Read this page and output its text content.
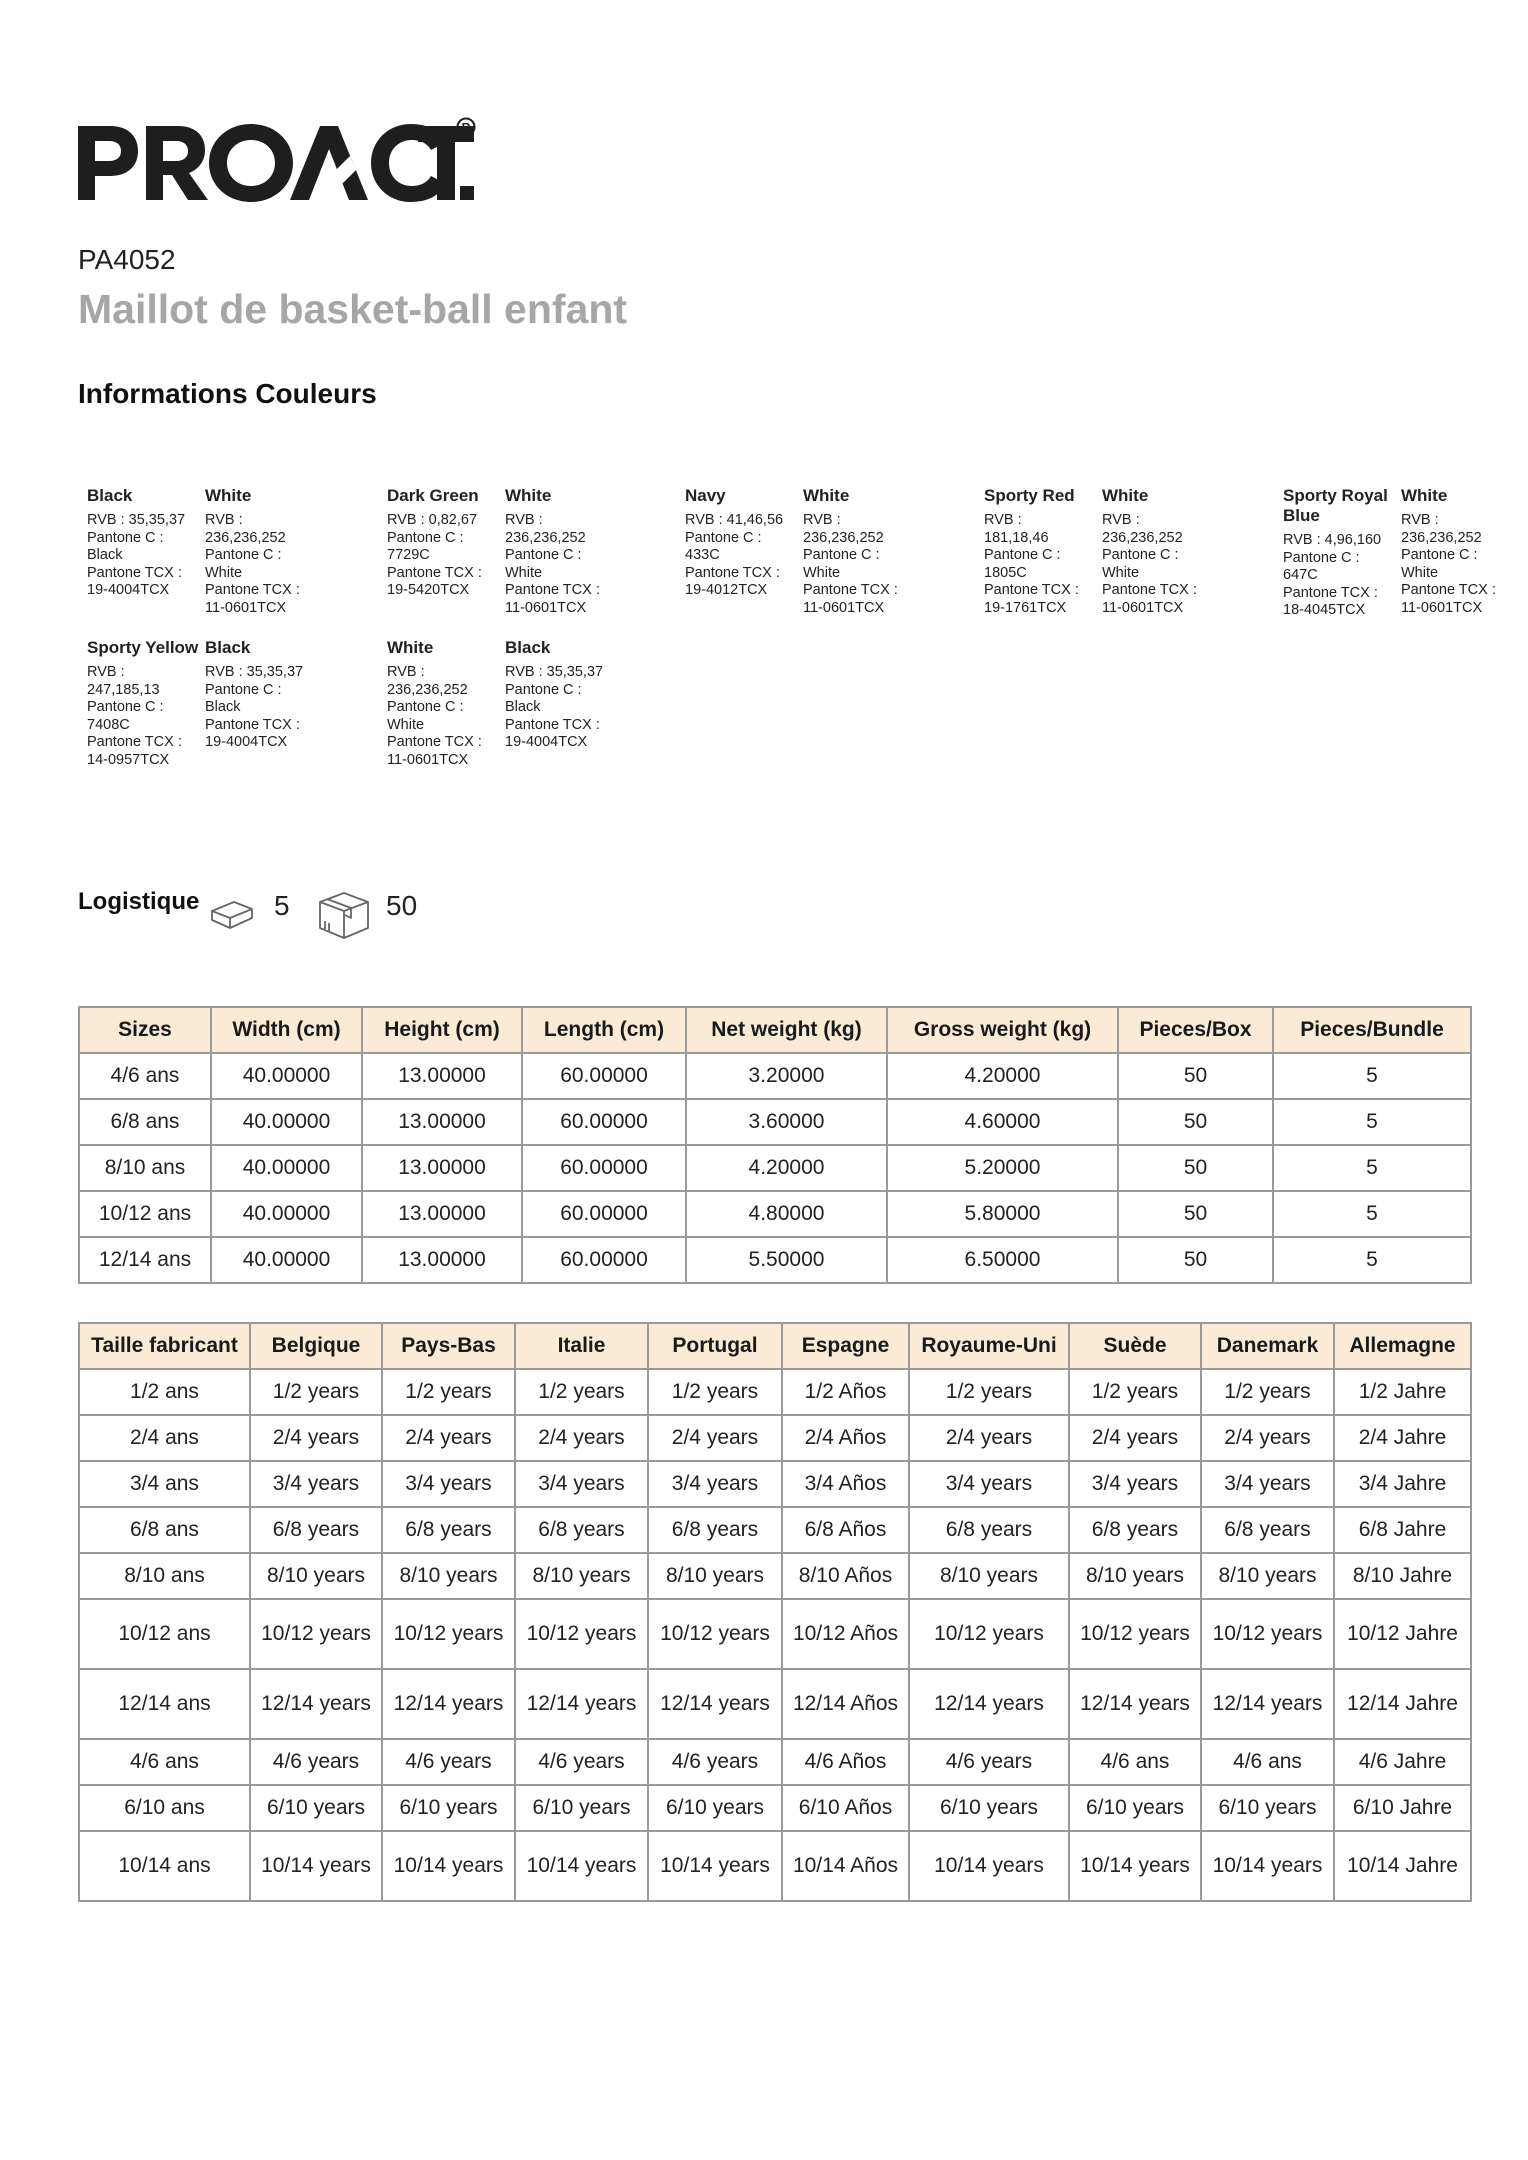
R
PA4052
Maillot de basket-ball enfant
Informations Couleurs
Black
RVB : 35,35,37
Pantone C :
Black
Pantone TCX :
19-4004TCX
White
RVB :
236,236,252
Pantone C :
White
Pantone TCX :
11-0601TCX
Dark Green
RVB : 0,82,67
Pantone C :
7729C
Pantone TCX :
19-5420TCX
White
RVB :
236,236,252
Pantone C :
White
Pantone TCX :
11-0601TCX
Navy
RVB : 41,46,56
Pantone C :
433C
Pantone TCX :
19-4012TCX
White
RVB :
236,236,252
Pantone C :
White
Pantone TCX :
11-0601TCX
Sporty Red
RVB :
181,18,46
Pantone C :
1805C
Pantone TCX :
19-1761TCX
White
RVB :
236,236,252
Pantone C :
White
Pantone TCX :
11-0601TCX
Sporty Royal Blue
RVB : 4,96,160
Pantone C :
647C
Pantone TCX :
18-4045TCX
White
RVB :
236,236,252
Pantone C :
White
Pantone TCX :
11-0601TCX
Sporty Yellow
RVB :
247,185,13
Pantone C :
7408C
Pantone TCX :
14-0957TCX
Black
RVB : 35,35,37
Pantone C :
Black
Pantone TCX :
19-4004TCX
White
RVB :
236,236,252
Pantone C :
White
Pantone TCX :
11-0601TCX
Black
RVB : 35,35,37
Pantone C :
Black
Pantone TCX :
19-4004TCX
Logistique	5	50
Sizes	Width (cm)	Height (cm)	Length (cm)	Net weight (kg)	Gross weight (kg)	Pieces/Box	Pieces/Bundle
4/6 ans	40.00000	13.00000	60.00000	3.20000	4.20000	50	5
6/8 ans	40.00000	13.00000	60.00000	3.60000	4.60000	50	5
8/10 ans	40.00000	13.00000	60.00000	4.20000	5.20000	50	5
10/12 ans	40.00000	13.00000	60.00000	4.80000	5.80000	50	5
12/14 ans	40.00000	13.00000	60.00000	5.50000	6.50000	50	5
Taille fabricant	Belgique	Pays-Bas	Italie	Portugal	Espagne	Royaume-Uni	Suède	Danemark	Allemagne
1/2 ans	1/2 years	1/2 years	1/2 years	1/2 years	1/2 Años	1/2 years	1/2 years	1/2 years	1/2 Jahre
2/4 ans	2/4 years	2/4 years	2/4 years	2/4 years	2/4 Años	2/4 years	2/4 years	2/4 years	2/4 Jahre
3/4 ans	3/4 years	3/4 years	3/4 years	3/4 years	3/4 Años	3/4 years	3/4 years	3/4 years	3/4 Jahre
6/8 ans	6/8 years	6/8 years	6/8 years	6/8 years	6/8 Años	6/8 years	6/8 years	6/8 years	6/8 Jahre
8/10 ans	8/10 years	8/10 years	8/10 years	8/10 years	8/10 Años	8/10 years	8/10 years	8/10 years	8/10 Jahre
10/12 ans	10/12 years	10/12 years	10/12 years	10/12 years	10/12 Años	10/12 years	10/12 years	10/12 years	10/12 Jahre
12/14 ans	12/14 years	12/14 years	12/14 years	12/14 years	12/14 Años	12/14 years	12/14 years	12/14 years	12/14 Jahre
4/6 ans	4/6 years	4/6 years	4/6 years	4/6 years	4/6 Años	4/6 years	4/6 ans	4/6 ans	4/6 Jahre
6/10 ans	6/10 years	6/10 years	6/10 years	6/10 years	6/10 Años	6/10 years	6/10 years	6/10 years	6/10 Jahre
10/14 ans	10/14 years	10/14 years	10/14 years	10/14 years	10/14 Años	10/14 years	10/14 years	10/14 years	10/14 Jahre
